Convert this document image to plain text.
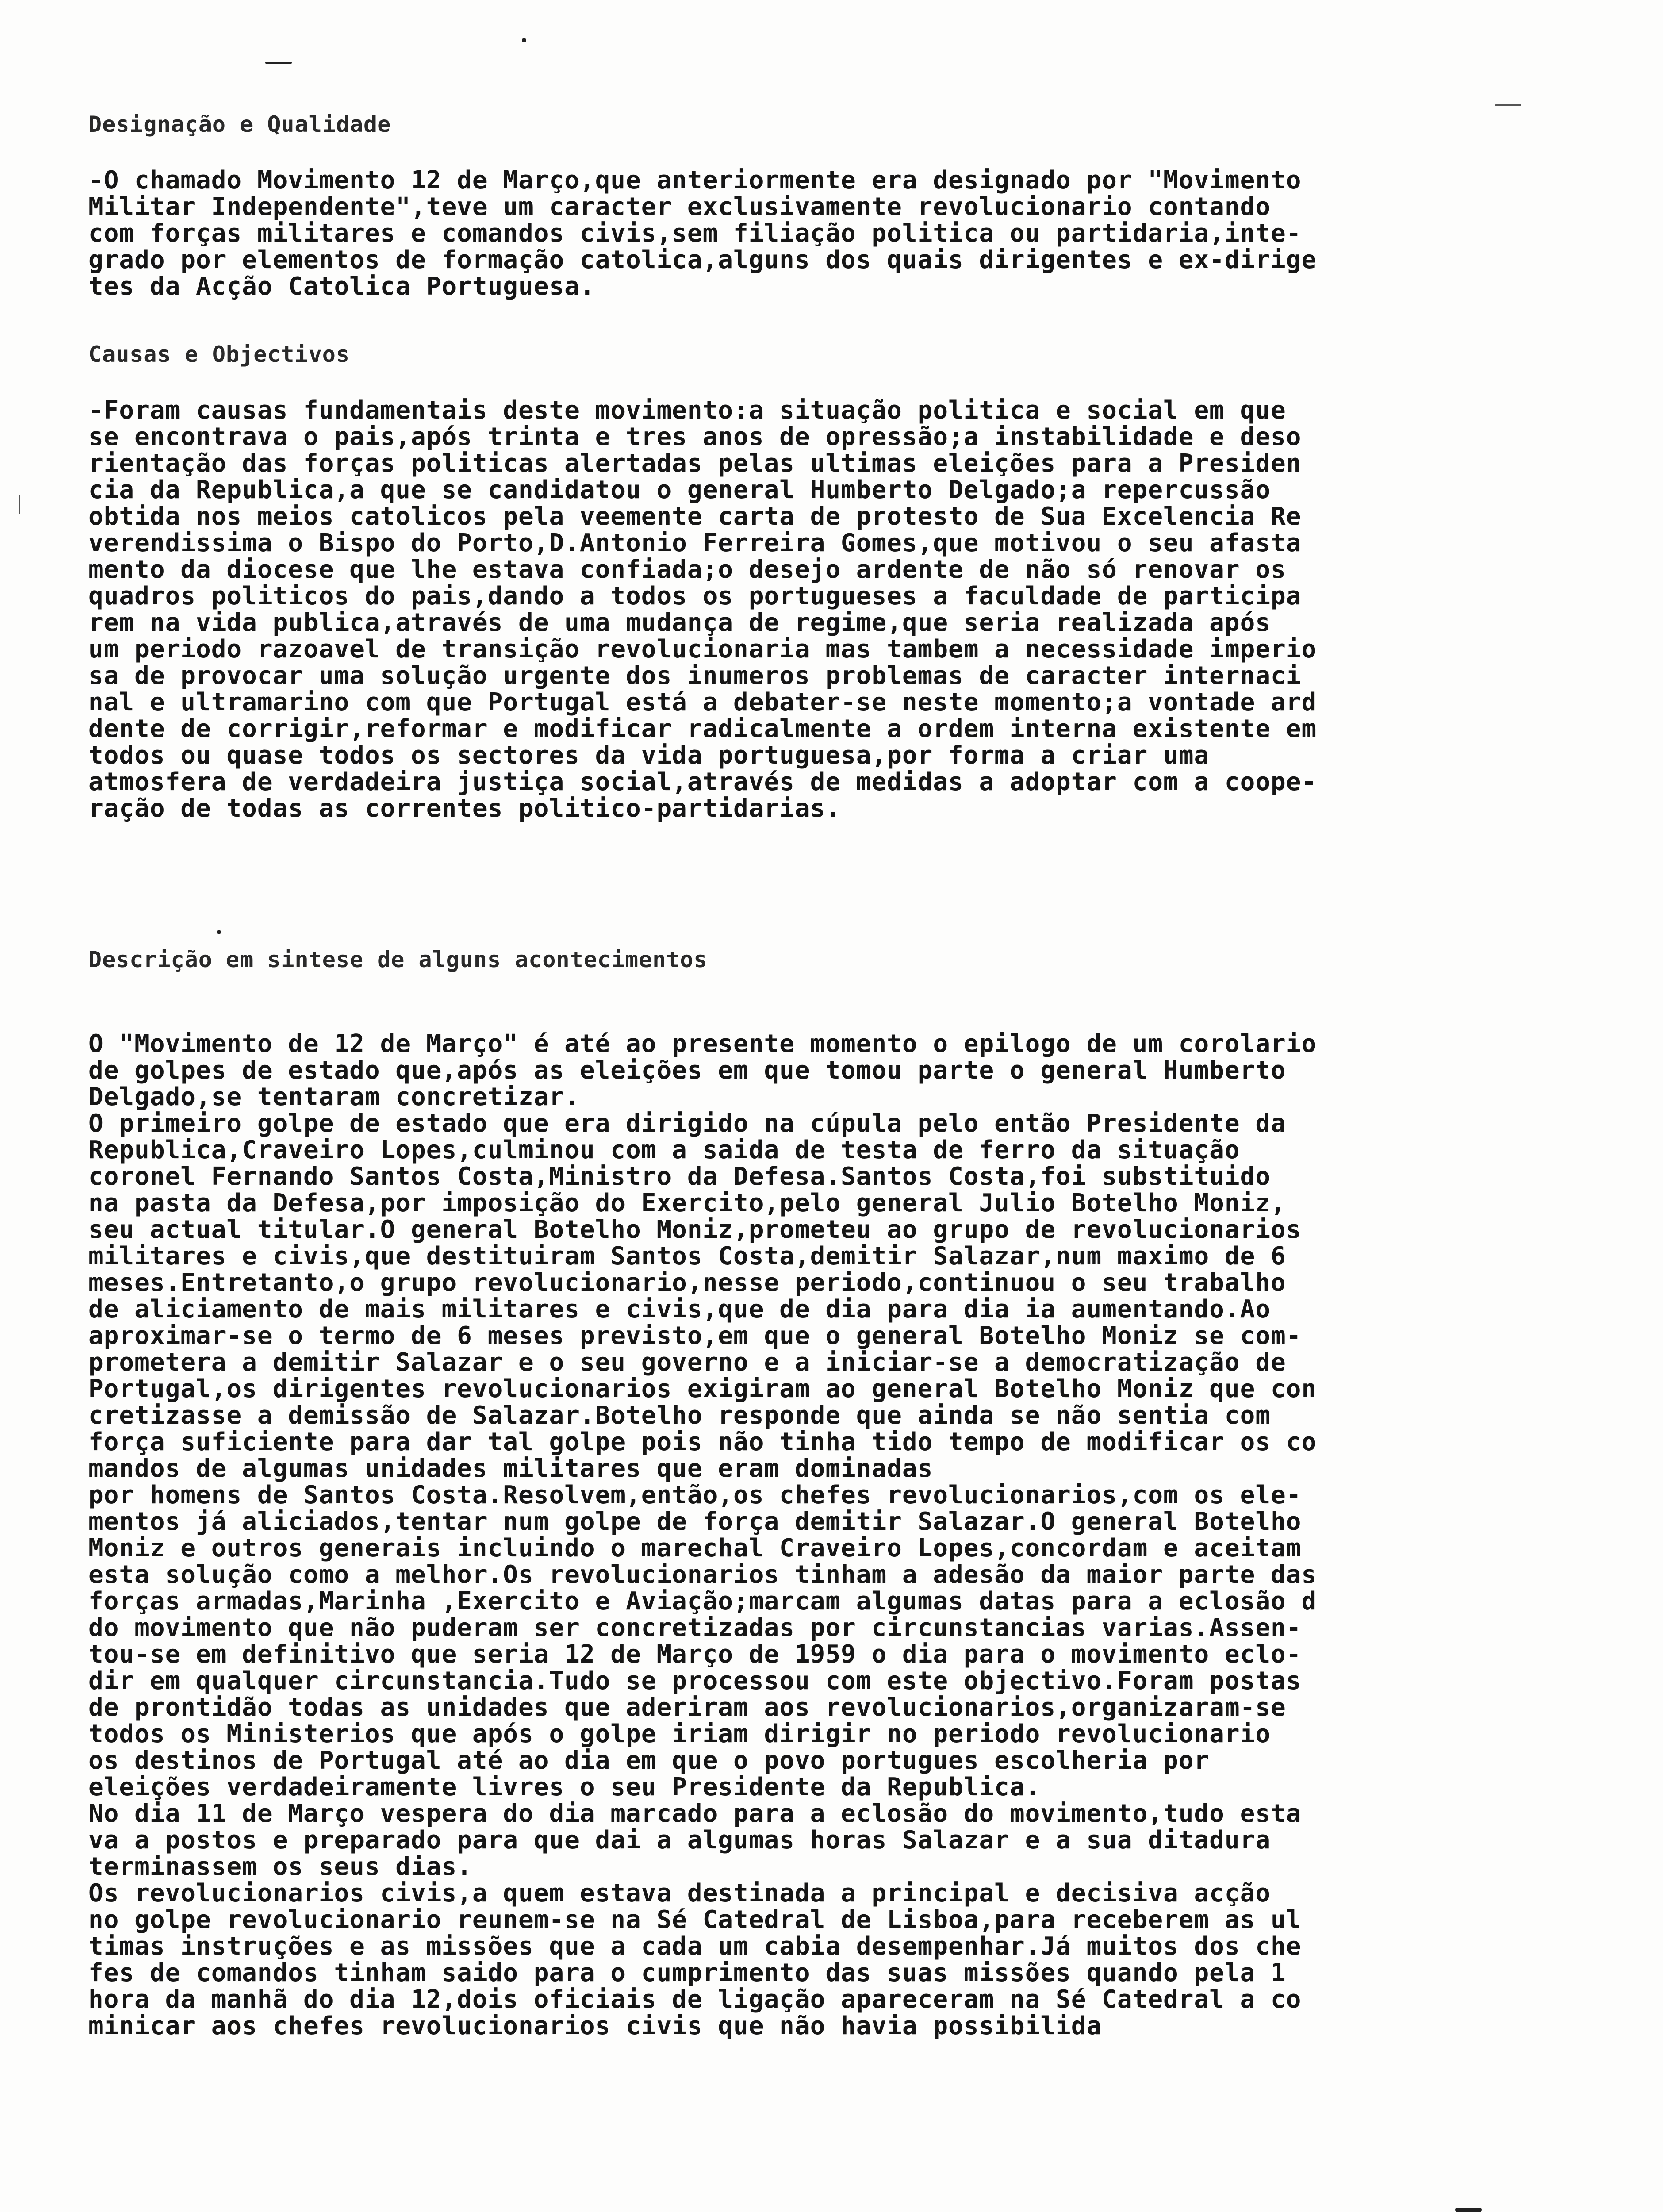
Designação e Qualidade

-O chamado Movimento 12 de Março,que anteriormente era designado por "Movimento
Militar Independente",teve um caracter exclusivamente revolucionario contando
com forças militares e comandos civis,sem filiação politica ou partidaria,inte-
grado por elementos de formação catolica,alguns dos quais dirigentes e ex-dirige
tes da Acção Catolica Portuguesa.

Causas e Objectivos

-Foram causas fundamentais deste movimento:a situação politica e social em que
se encontrava o pais,após trinta e tres anos de opressão;a instabilidade e deso
rientação das forças politicas alertadas pelas ultimas eleições para a Presiden
cia da Republica,a que se candidatou o general Humberto Delgado;a repercussão
obtida nos meios catolicos pela veemente carta de protesto de Sua Excelencia Re
verendissima o Bispo do Porto,D.Antonio Ferreira Gomes,que motivou o seu afasta
mento da diocese que lhe estava confiada;o desejo ardente de não só renovar os
quadros politicos do pais,dando a todos os portugueses a faculdade de participa
rem na vida publica,através de uma mudança de regime,que seria realizada após
um periodo razoavel de transição revolucionaria mas tambem a necessidade imperio
sa de provocar uma solução urgente dos inumeros problemas de caracter internaci
nal e ultramarino com que Portugal está a debater-se neste momento;a vontade ard
dente de corrigir,reformar e modificar radicalmente a ordem interna existente em
todos ou quase todos os sectores da vida portuguesa,por forma a criar uma
atmosfera de verdadeira justiça social,através de medidas a adoptar com a coope-
ração de todas as correntes politico-partidarias.

Descrição em sintese de alguns acontecimentos

O "Movimento de 12 de Março" é até ao presente momento o epilogo de um corolario
de golpes de estado que,após as eleições em que tomou parte o general Humberto
Delgado,se tentaram concretizar.
O primeiro golpe de estado que era dirigido na cúpula pelo então Presidente da
Republica,Craveiro Lopes,culminou com a saida de testa de ferro da situação
coronel Fernando Santos Costa,Ministro da Defesa.Santos Costa,foi substituido
na pasta da Defesa,por imposição do Exercito,pelo general Julio Botelho Moniz,
seu actual titular.O general Botelho Moniz,prometeu ao grupo de revolucionarios
militares e civis,que destituiram Santos Costa,demitir Salazar,num maximo de 6
meses.Entretanto,o grupo revolucionario,nesse periodo,continuou o seu trabalho
de aliciamento de mais militares e civis,que de dia para dia ia aumentando.Ao
aproximar-se o termo de 6 meses previsto,em que o general Botelho Moniz se com-
prometera a demitir Salazar e o seu governo e a iniciar-se a democratização de
Portugal,os dirigentes revolucionarios exigiram ao general Botelho Moniz que con
cretizasse a demissão de Salazar.Botelho responde que ainda se não sentia com
força suficiente para dar tal golpe pois não tinha tido tempo de modificar os co
mandos de algumas unidades militares que eram dominadas
por homens de Santos Costa.Resolvem,então,os chefes revolucionarios,com os ele-
mentos já aliciados,tentar num golpe de força demitir Salazar.O general Botelho
Moniz e outros generais incluindo o marechal Craveiro Lopes,concordam e aceitam
esta solução como a melhor.Os revolucionarios tinham a adesão da maior parte das
forças armadas,Marinha ,Exercito e Aviação;marcam algumas datas para a eclosão d
do movimento que não puderam ser concretizadas por circunstancias varias.Assen-
tou-se em definitivo que seria 12 de Março de 1959 o dia para o movimento eclo-
dir em qualquer circunstancia.Tudo se processou com este objectivo.Foram postas
de prontidão todas as unidades que aderiram aos revolucionarios,organizaram-se
todos os Ministerios que após o golpe iriam dirigir no periodo revolucionario
os destinos de Portugal até ao dia em que o povo portugues escolheria por
eleições verdadeiramente livres o seu Presidente da Republica.
No dia 11 de Março vespera do dia marcado para a eclosão do movimento,tudo esta
va a postos e preparado para que dai a algumas horas Salazar e a sua ditadura
terminassem os seus dias.
Os revolucionarios civis,a quem estava destinada a principal e decisiva acção
no golpe revolucionario reunem-se na Sé Catedral de Lisboa,para receberem as ul
timas instruções e as missões que a cada um cabia desempenhar.Já muitos dos che
fes de comandos tinham saido para o cumprimento das suas missões quando pela 1
hora da manhã do dia 12,dois oficiais de ligação apareceram na Sé Catedral a co
minicar aos chefes revolucionarios civis que não havia possibilida
